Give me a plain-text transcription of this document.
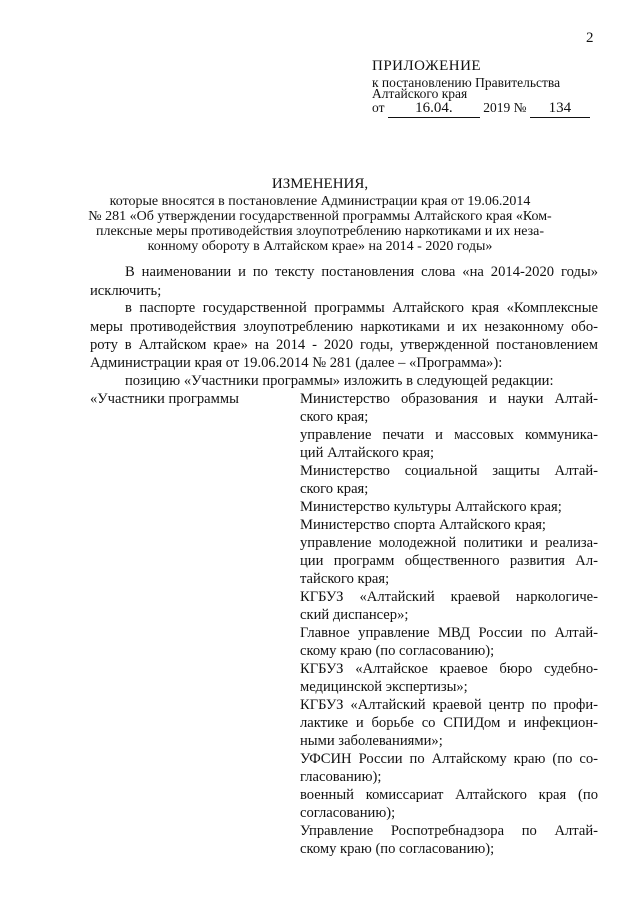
2
ПРИЛОЖЕНИЕ
к постановлению Правительства
Алтайского края
от 16.04. 2019 № 134
ИЗМЕНЕНИЯ,
которые вносятся в постановление Администрации края от 19.06.2014
№ 281 «Об утверждении государственной программы Алтайского края «Ком-
плексные меры противодействия злоупотреблению наркотиками и их неза-
конному обороту в Алтайском крае» на 2014 - 2020 годы»
В наименовании и по тексту постановления слова «на 2014-2020 годы»
исключить;
в паспорте государственной программы Алтайского края «Комплексные
меры противодействия злоупотреблению наркотиками и их незаконному обо-
роту в Алтайском крае» на 2014 - 2020 годы, утвержденной постановлением
Администрации края от 19.06.2014 № 281 (далее – «Программа»):
позицию «Участники программы» изложить в следующей редакции:
«Участники программы	Министерство образования и науки Алтай-
ского края;
управление печати и массовых коммуника-
ций Алтайского края;
Министерство социальной защиты Алтай-
ского края;
Министерство культуры Алтайского края;
Министерство спорта Алтайского края;
управление молодежной политики и реализа-
ции программ общественного развития Ал-
тайского края;
КГБУЗ «Алтайский краевой наркологиче-
ский диспансер»;
Главное управление МВД России по Алтай-
скому краю (по согласованию);
КГБУЗ «Алтайское краевое бюро судебно-
медицинской экспертизы»;
КГБУЗ «Алтайский краевой центр по профи-
лактике и борьбе со СПИДом и инфекцион-
ными заболеваниями»;
УФСИН России по Алтайскому краю (по со-
гласованию);
военный комиссариат Алтайского края (по
согласованию);
Управление Роспотребнадзора по Алтай-
скому краю (по согласованию);
